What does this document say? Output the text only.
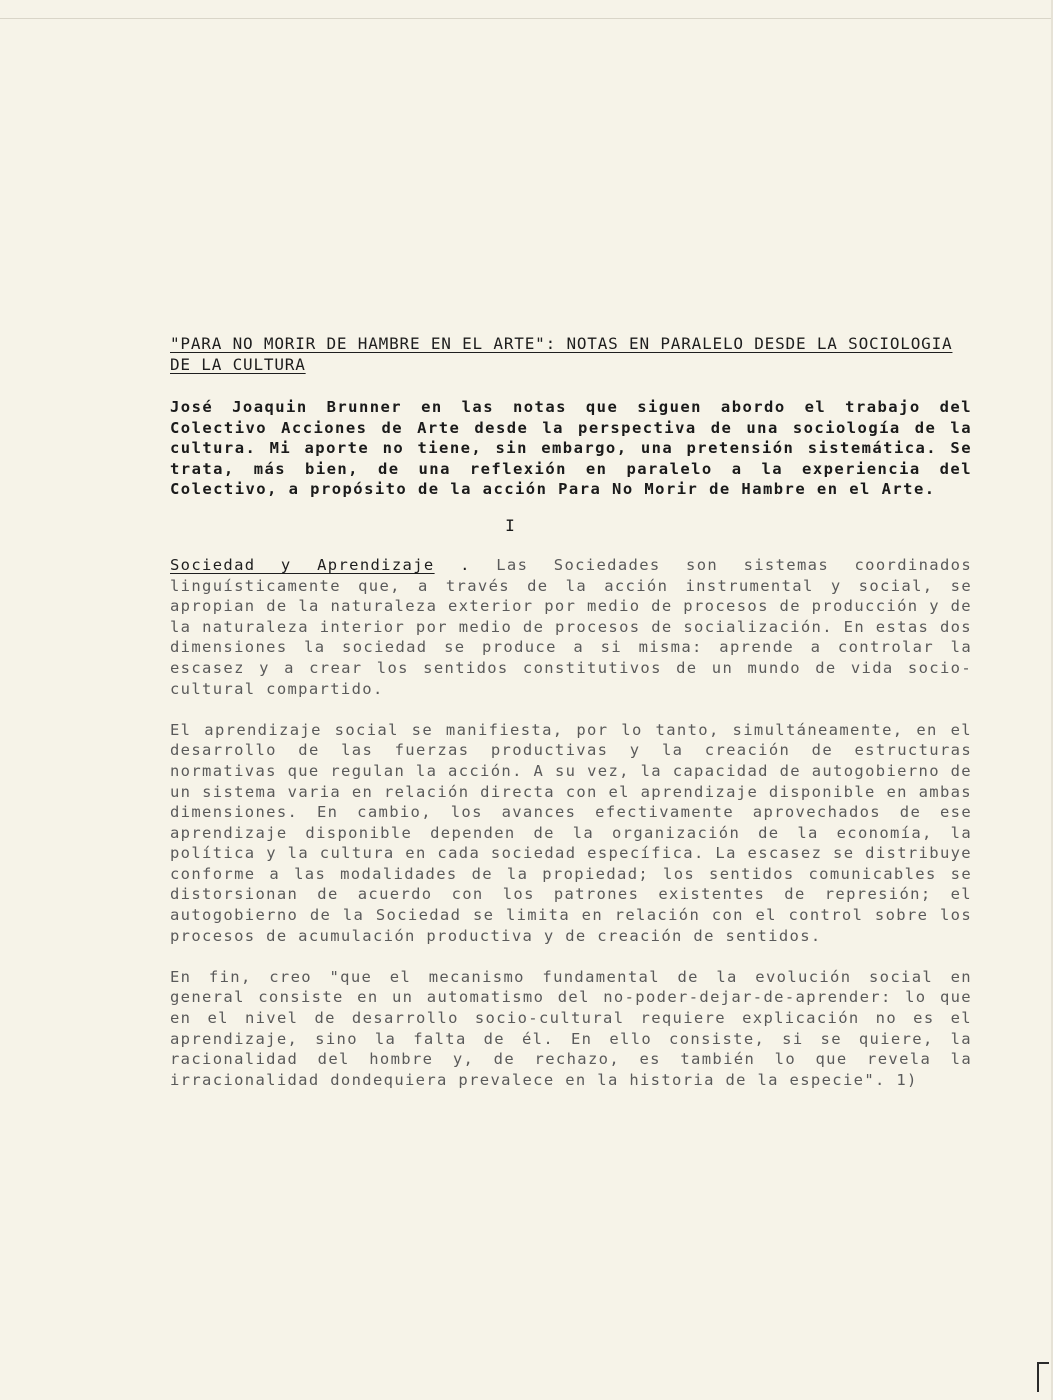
"PARA NO MORIR DE HAMBRE EN EL ARTE": NOTAS EN PARALELO DESDE LA SOCIOLOGIA DE LA CULTURA

José Joaquin Brunner en las notas que siguen abordo el trabajo del Colectivo Acciones de Arte desde la perspectiva de una sociología de la cultura. Mi aporte no tiene, sin embargo, una pretensión sistemática. Se trata, más bien, de una reflexión en paralelo a la experiencia del Colectivo, a propósito de la acción Para No Morir de Hambre en el Arte.

I

Sociedad y Aprendizaje . Las Sociedades son sistemas coordinados linguísticamente que, a través de la acción instrumental y social, se apropian de la naturaleza exterior por medio de procesos de producción y de la naturaleza interior por medio de procesos de socialización. En estas dos dimensiones la sociedad se produce a si misma: aprende a controlar la escasez y a crear los sentidos constitutivos de un mundo de vida socio-cultural compartido.

El aprendizaje social se manifiesta, por lo tanto, simultáneamente, en el desarrollo de las fuerzas productivas y la creación de estructuras normativas que regulan la acción. A su vez, la capacidad de autogobierno de un sistema varia en relación directa con el aprendizaje disponible en ambas dimensiones. En cambio, los avances efectivamente aprovechados de ese aprendizaje disponible dependen de la organización de la economía, la política y la cultura en cada sociedad específica. La escasez se distribuye conforme a las modalidades de la propiedad; los sentidos comunicables se distorsionan de acuerdo con los patrones existentes de represión; el autogobierno de la Sociedad se limita en relación con el control sobre los procesos de acumulación productiva y de creación de sentidos.

En fin, creo "que el mecanismo fundamental de la evolución social en general consiste en un automatismo del no-poder-dejar-de-aprender: lo que en el nivel de desarrollo socio-cultural requiere explicación no es el aprendizaje, sino la falta de él. En ello consiste, si se quiere, la racionalidad del hombre y, de rechazo, es también lo que revela la irracionalidad dondequiera prevalece en la historia de la especie". 1)
